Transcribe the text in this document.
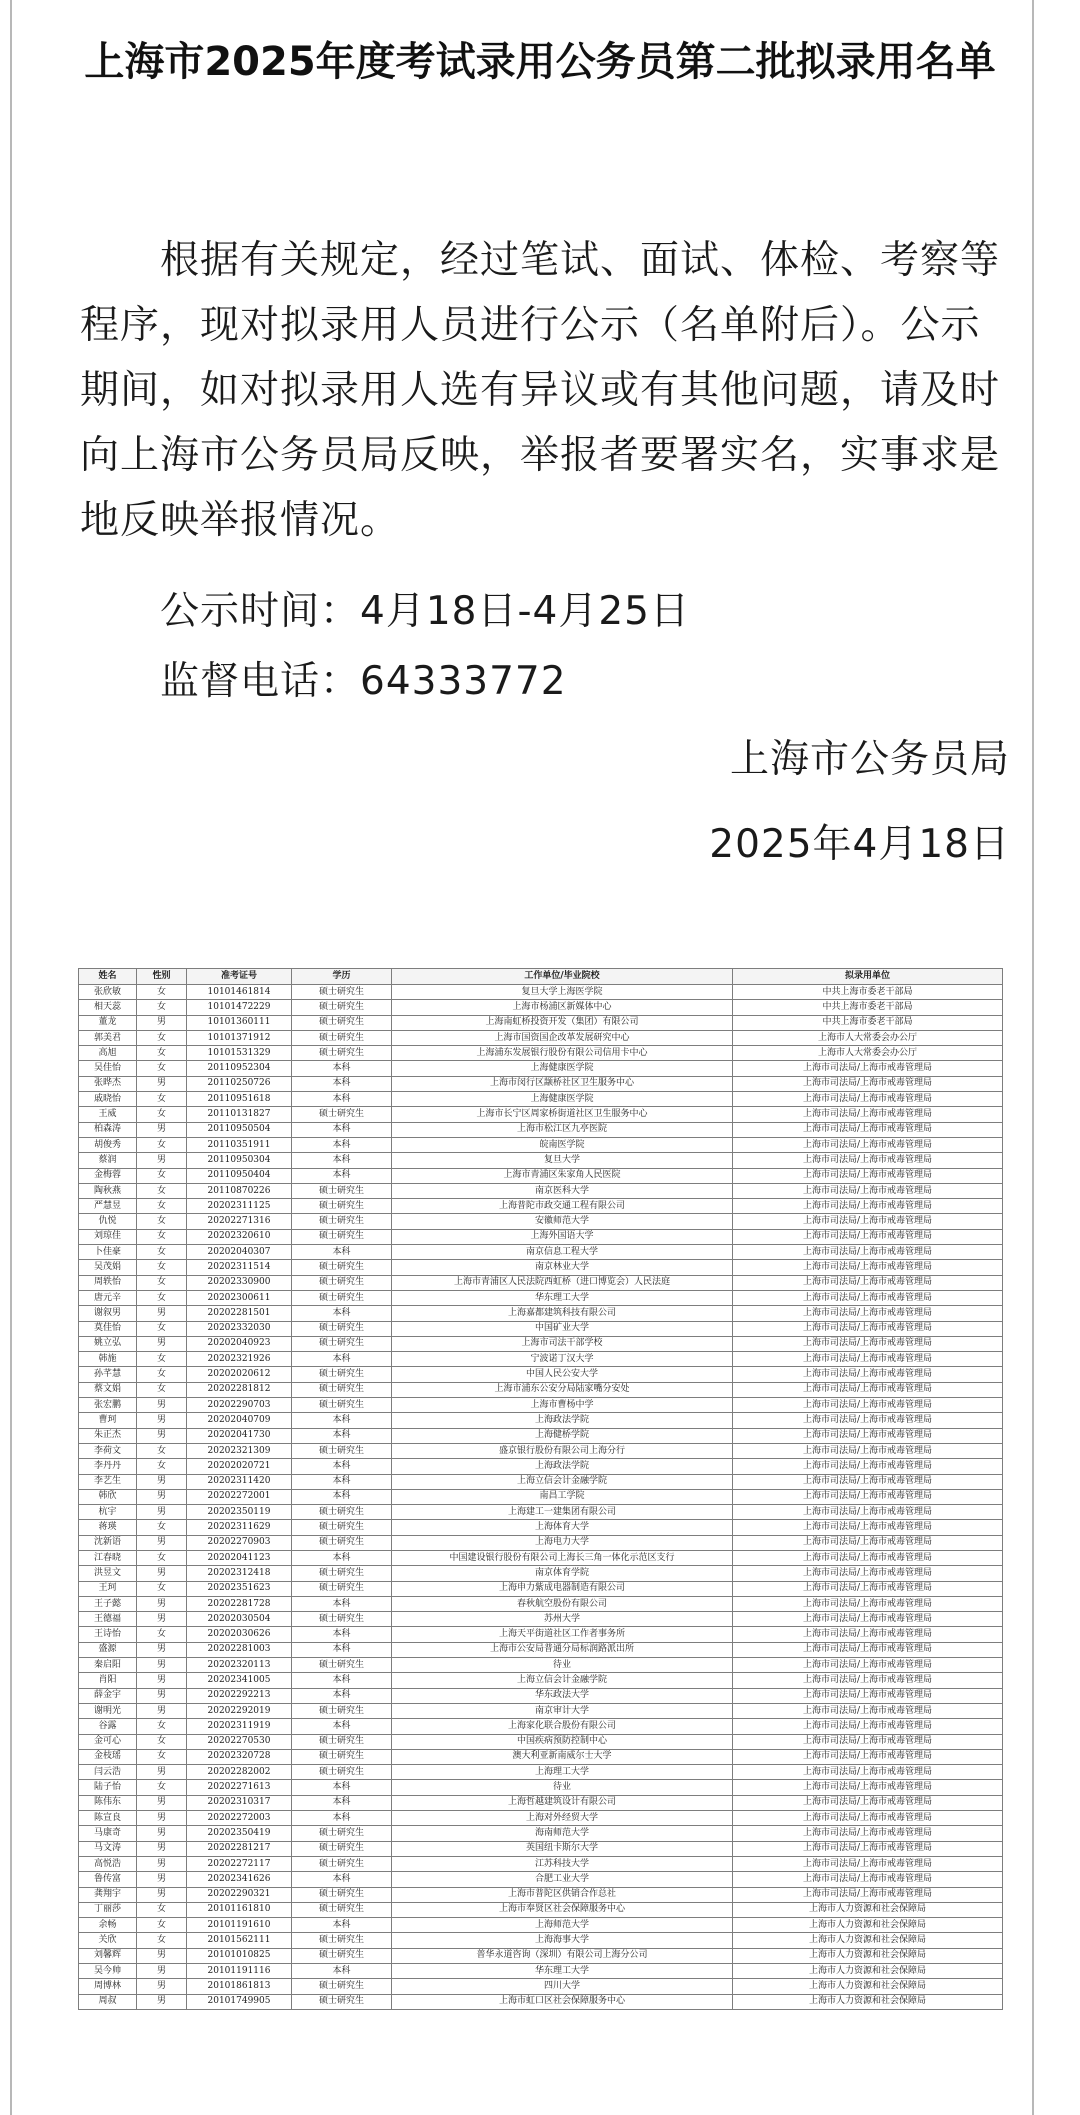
上海市2025年度考试录用公务员第二批拟录用名单
根据有关规定，经过笔试、面试、体检、考察等程序，现对拟录用人员进行公示（名单附后）。公示期间，如对拟录用人选有异议或有其他问题，请及时向上海市公务员局反映，举报者要署实名，实事求是地反映举报情况。
公示时间：4月18日-4月25日
监督电话：64333772
上海市公务员局
2025年4月18日
姓名	性别	准考证号	学历	工作单位/毕业院校	拟录用单位
张欣敏	女	10101461814	硕士研究生	复旦大学上海医学院	中共上海市委老干部局
相天蕊	女	10101472229	硕士研究生	上海市杨浦区新媒体中心	中共上海市委老干部局
董龙	男	10101360111	硕士研究生	上海南虹桥投资开发（集团）有限公司	中共上海市委老干部局
郭美君	女	10101371912	硕士研究生	上海市国资国企改革发展研究中心	上海市人大常委会办公厅
高旭	女	10101531329	硕士研究生	上海浦东发展银行股份有限公司信用卡中心	上海市人大常委会办公厅
吴佳怡	女	20110952304	本科	上海健康医学院	上海市司法局/上海市戒毒管理局
张晔杰	男	20110250726	本科	上海市闵行区颛桥社区卫生服务中心	上海市司法局/上海市戒毒管理局
戚晓怡	女	20110951618	本科	上海健康医学院	上海市司法局/上海市戒毒管理局
王威	女	20110131827	硕士研究生	上海市长宁区周家桥街道社区卫生服务中心	上海市司法局/上海市戒毒管理局
柏森涛	男	20110950504	本科	上海市松江区九亭医院	上海市司法局/上海市戒毒管理局
胡俊秀	女	20110351911	本科	皖南医学院	上海市司法局/上海市戒毒管理局
蔡润	男	20110950304	本科	复旦大学	上海市司法局/上海市戒毒管理局
金梅蓉	女	20110950404	本科	上海市青浦区朱家角人民医院	上海市司法局/上海市戒毒管理局
陶秋燕	女	20110870226	硕士研究生	南京医科大学	上海市司法局/上海市戒毒管理局
严慧昱	女	20202311125	硕士研究生	上海普陀市政交通工程有限公司	上海市司法局/上海市戒毒管理局
仇悦	女	20202271316	硕士研究生	安徽师范大学	上海市司法局/上海市戒毒管理局
刘琼佳	女	20202320610	硕士研究生	上海外国语大学	上海市司法局/上海市戒毒管理局
卜佳豪	女	20202040307	本科	南京信息工程大学	上海市司法局/上海市戒毒管理局
吴茂娟	女	20202311514	硕士研究生	南京林业大学	上海市司法局/上海市戒毒管理局
周轶怡	女	20202330900	硕士研究生	上海市青浦区人民法院西虹桥（进口博览会）人民法庭	上海市司法局/上海市戒毒管理局
唐元辛	女	20202300611	硕士研究生	华东理工大学	上海市司法局/上海市戒毒管理局
谢叙男	男	20202281501	本科	上海嘉都建筑科技有限公司	上海市司法局/上海市戒毒管理局
莫佳怡	女	20202332030	硕士研究生	中国矿业大学	上海市司法局/上海市戒毒管理局
姚立弘	男	20202040923	硕士研究生	上海市司法干部学校	上海市司法局/上海市戒毒管理局
韩施	女	20202321926	本科	宁波诺丁汉大学	上海市司法局/上海市戒毒管理局
孙芊慧	女	20202020612	硕士研究生	中国人民公安大学	上海市司法局/上海市戒毒管理局
蔡文娟	女	20202281812	硕士研究生	上海市浦东公安分局陆家嘴分安处	上海市司法局/上海市戒毒管理局
张宏鹏	男	20202290703	硕士研究生	上海市曹杨中学	上海市司法局/上海市戒毒管理局
曹珂	男	20202040709	本科	上海政法学院	上海市司法局/上海市戒毒管理局
朱正杰	男	20202041730	本科	上海健桥学院	上海市司法局/上海市戒毒管理局
李荷文	女	20202321309	硕士研究生	盛京银行股份有限公司上海分行	上海市司法局/上海市戒毒管理局
李丹丹	女	20202020721	本科	上海政法学院	上海市司法局/上海市戒毒管理局
李艺生	男	20202311420	本科	上海立信会计金融学院	上海市司法局/上海市戒毒管理局
韩欣	男	20202272001	本科	南昌工学院	上海市司法局/上海市戒毒管理局
杭宇	男	20202350119	硕士研究生	上海建工一建集团有限公司	上海市司法局/上海市戒毒管理局
蒋瑛	女	20202311629	硕士研究生	上海体育大学	上海市司法局/上海市戒毒管理局
沈新语	男	20202270903	硕士研究生	上海电力大学	上海市司法局/上海市戒毒管理局
江春晓	女	20202041123	本科	中国建设银行股份有限公司上海长三角一体化示范区支行	上海市司法局/上海市戒毒管理局
洪昱文	男	20202312418	硕士研究生	南京体育学院	上海市司法局/上海市戒毒管理局
王珂	女	20202351623	硕士研究生	上海申力紫成电器制造有限公司	上海市司法局/上海市戒毒管理局
王子懿	男	20202281728	本科	春秋航空股份有限公司	上海市司法局/上海市戒毒管理局
王德福	男	20202030504	硕士研究生	苏州大学	上海市司法局/上海市戒毒管理局
王诗怡	女	20202030626	本科	上海天平街道社区工作者事务所	上海市司法局/上海市戒毒管理局
盛源	男	20202281003	本科	上海市公安局普通分局标润路派出所	上海市司法局/上海市戒毒管理局
秦启阳	男	20202320113	硕士研究生	待业	上海市司法局/上海市戒毒管理局
肖阳	男	20202341005	本科	上海立信会计金融学院	上海市司法局/上海市戒毒管理局
薛金宇	男	20202292213	本科	华东政法大学	上海市司法局/上海市戒毒管理局
谢明光	男	20202292019	硕士研究生	南京审计大学	上海市司法局/上海市戒毒管理局
谷露	女	20202311919	本科	上海家化联合股份有限公司	上海市司法局/上海市戒毒管理局
金可心	女	20202270530	硕士研究生	中国疾病预防控制中心	上海市司法局/上海市戒毒管理局
金枝瑶	女	20202320728	硕士研究生	澳大利亚新南威尔士大学	上海市司法局/上海市戒毒管理局
闫云浩	男	20202282002	硕士研究生	上海理工大学	上海市司法局/上海市戒毒管理局
陆子怡	女	20202271613	本科	待业	上海市司法局/上海市戒毒管理局
陈伟东	男	20202310317	本科	上海哲越建筑设计有限公司	上海市司法局/上海市戒毒管理局
陈宣良	男	20202272003	本科	上海对外经贸大学	上海市司法局/上海市戒毒管理局
马康奇	男	20202350419	硕士研究生	海南师范大学	上海市司法局/上海市戒毒管理局
马文涛	男	20202281217	硕士研究生	英国纽卡斯尔大学	上海市司法局/上海市戒毒管理局
高悦浩	男	20202272117	硕士研究生	江苏科技大学	上海市司法局/上海市戒毒管理局
鲁传富	男	20202341626	本科	合肥工业大学	上海市司法局/上海市戒毒管理局
龚翔宇	男	20202290321	硕士研究生	上海市普陀区供销合作总社	上海市司法局/上海市戒毒管理局
丁丽莎	女	20101161810	硕士研究生	上海市奉贤区社会保障服务中心	上海市人力资源和社会保障局
余畅	女	20101191610	本科	上海师范大学	上海市人力资源和社会保障局
关欣	女	20101562111	硕士研究生	上海海事大学	上海市人力资源和社会保障局
刘馨辉	男	20101010825	硕士研究生	普华永道咨询（深圳）有限公司上海分公司	上海市人力资源和社会保障局
吴今帅	男	20101191116	本科	华东理工大学	上海市人力资源和社会保障局
周博林	男	20101861813	硕士研究生	四川大学	上海市人力资源和社会保障局
周叔	男	20101749905	硕士研究生	上海市虹口区社会保障服务中心	上海市人力资源和社会保障局
